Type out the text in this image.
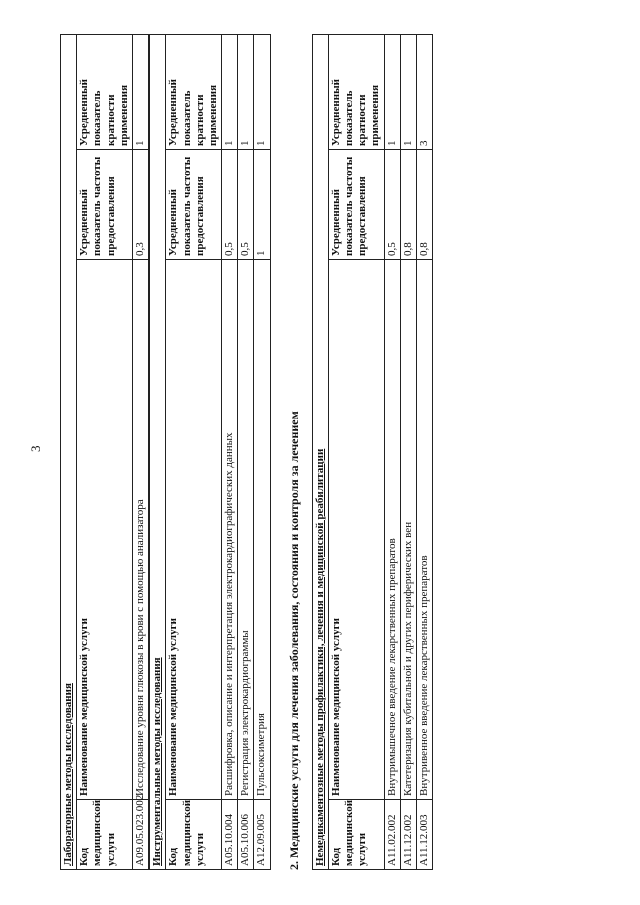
3
Лабораторные методы исследования			
Код медицинской услуги	Наименование медицинской услуги	Усредненный показатель частоты предоставления	Усредненный показатель кратности применения
A09.05.023.002	Исследование уровня глюкозы в крови с помощью анализатора	0,3	1
Инструментальные методы исследования			
Код медицинской услуги	Наименование медицинской услуги	Усредненный показатель частоты предоставления	Усредненный показатель кратности применения
A05.10.004	Расшифровка, описание и интерпретация электрокардиографических данных	0,5	1
A05.10.006	Регистрация электрокардиограммы	0,5	1
A12.09.005	Пульсоксиметрия	1	1
2. Медицинские услуги для лечения заболевания, состояния и контроля за лечением Немедикаментозные методы профилактики, лечения и медицинской реабилитации			
Код медицинской услуги	Наименование медицинской услуги	Усредненный показатель частоты предоставления	Усредненный показатель кратности применения
A11.02.002	Внутримышечное введение лекарственных препаратов	0,5	1
A11.12.002	Катетеризация кубитальной и других периферических вен	0,8	1
A11.12.003	Внутривенное введение лекарственных препаратов	0,8	3
